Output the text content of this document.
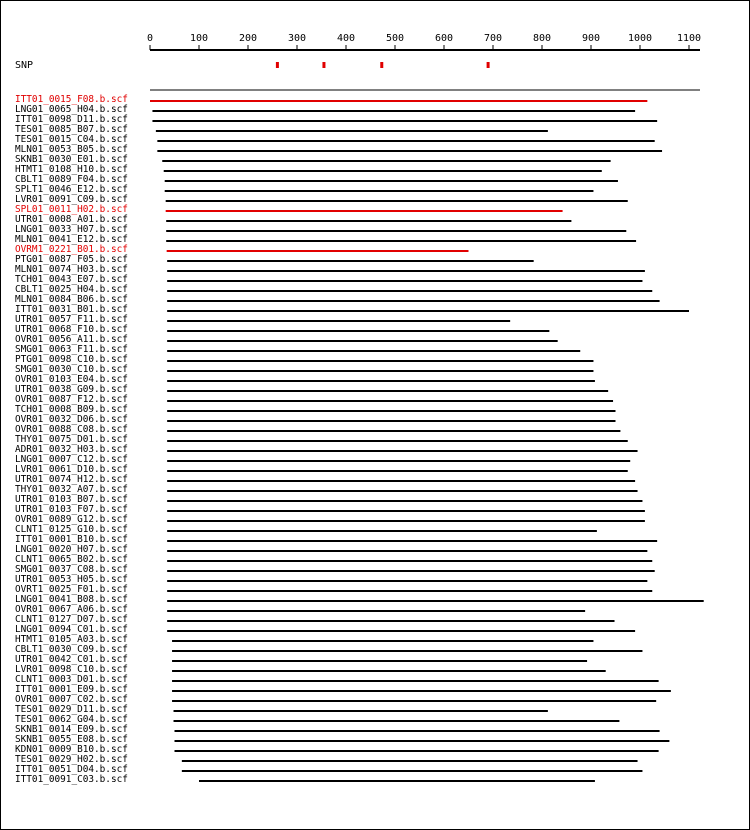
0	100	200	300	400	500	600	700	800	900	1000 1100
SNP
ITT01_0015_F08.b.scf
LNG01_0065_H04.b.scf
ITT01_0098_D11.b.scf
TES01_0085_B07.b.scf
TES01_0015_C04.b.scf
MLN01_0053_B05.b.scf
SKNB1_0030_E01.b.scf
HTMT1_0108_H10.b.scf
CBLT1_0089_F04.b.scf
SPLT1_0046_E12.b.scf
LVR01_0091_C09.b.scf
SPL01_0011_H02.b.scf
UTR01_0008_A01.b.scf
LNG01_0033_H07.b.scf
MLN01_0041_E12.b.scf
OVRM1_0221_B01.b.scf
PTG01_0087_F05.b.scf
MLN01_0074_H03.b.scf
TCH01_0043_E07.b.scf
CBLT1_0025_H04.b.scf
MLN01_0084_B06.b.scf
ITT01_0031_B01.b.scf
UTR01_0057_F11.b.scf
UTR01_0068_F10.b.scf
OVR01_0056_A11.b.scf
SMG01_0063_F11.b.scf
PTG01_0098_C10.b.scf
SMG01_0030_C10.b.scf
OVR01_0103_E04.b.scf
UTR01_0038_G09.b.scf
OVR01_0087_F12.b.scf
TCH01_0008_B09.b.scf
OVR01_0032_D06.b.scf
OVR01_0088_C08.b.scf
THY01_0075_D01.b.scf
ADR01_0032_H03.b.scf
LNG01_0007_C12.b.scf
LVR01_0061_D10.b.scf
UTR01_0074_H12.b.scf
THY01_0032_A07.b.scf
UTR01_0103_B07.b.scf
UTR01_0103_F07.b.scf
OVR01_0089_G12.b.scf
CLNT1_0125_G10.b.scf
ITT01_0001_B10.b.scf
LNG01_0020_H07.b.scf
CLNT1_0065_B02.b.scf
SMG01_0037_C08.b.scf
UTR01_0053_H05.b.scf
OVRT1_0025_F01.b.scf
LNG01_0041_B08.b.scf
OVR01_0067_A06.b.scf
CLNT1_0127_D07.b.scf
LNG01_0094_C01.b.scf
HTMT1_0105_A03.b.scf
CBLT1_0030_C09.b.scf
UTR01_0042_C01.b.scf
LVR01_0098_C10.b.scf
CLNT1_0003_D01.b.scf
ITT01_0001_E09.b.scf
OVR01_0007_C02.b.scf
TES01_0029_D11.b.scf
TES01_0062_G04.b.scf
SKNB1_0014_E09.b.scf
SKNB1_0055_E08.b.scf
KDN01_0009_B10.b.scf
TES01_0029_H02.b.scf
ITT01_0051_D04.b.scf
ITT01_0091_C03.b.scf
